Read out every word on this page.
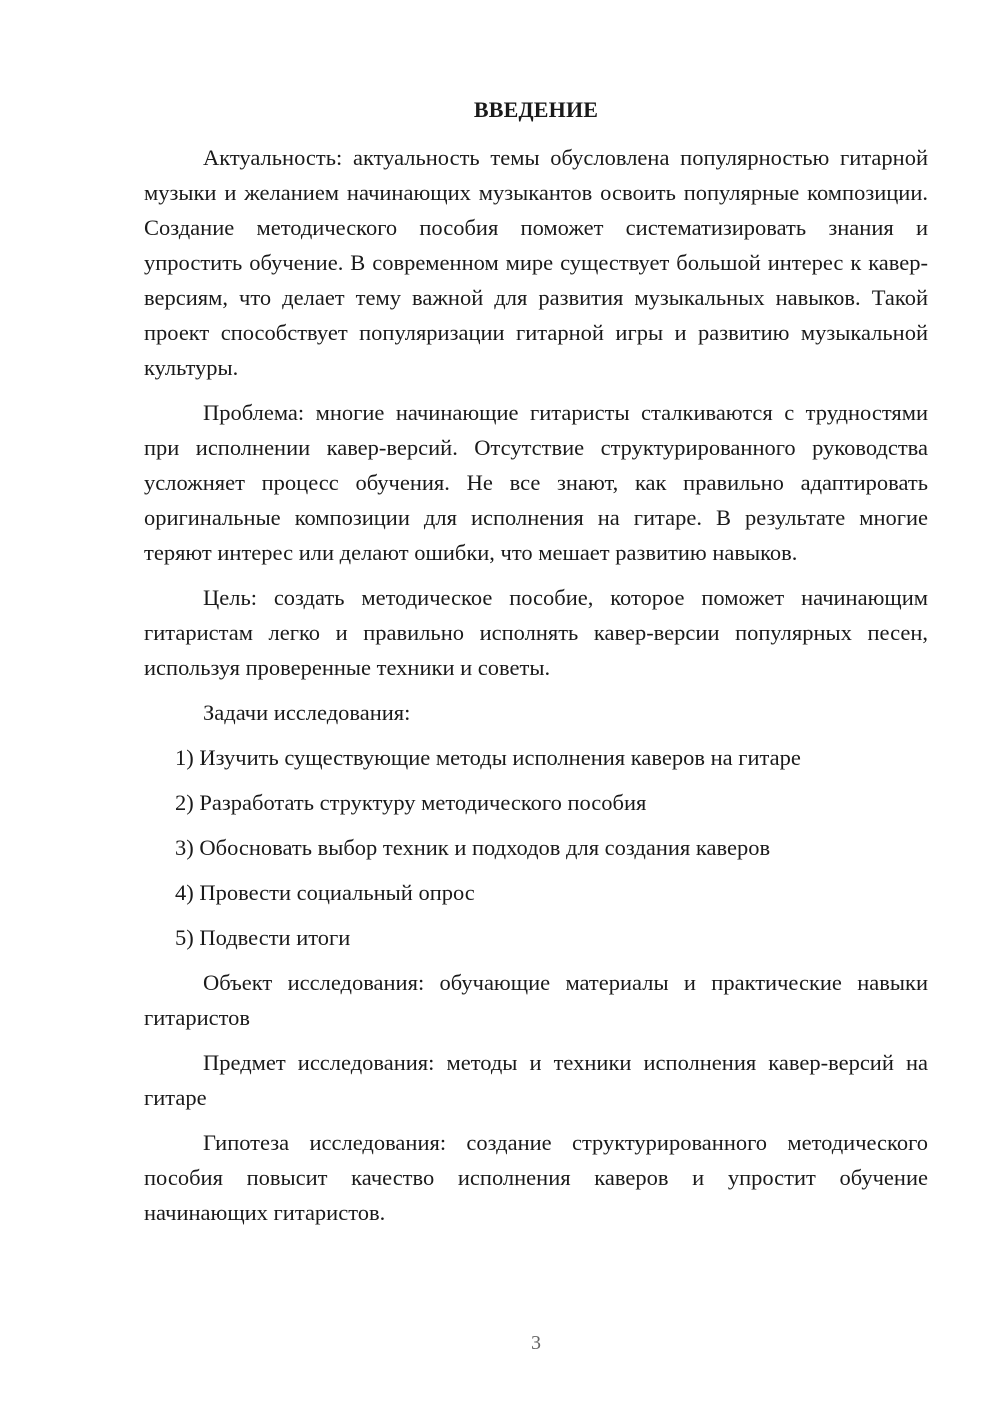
ВВЕДЕНИЕ

Актуальность: актуальность темы обусловлена популярностью гитарной музыки и желанием начинающих музыкантов освоить популярные композиции. Создание методического пособия поможет систематизировать знания и упростить обучение. В современном мире существует большой интерес к кавер-версиям, что делает тему важной для развития музыкальных навыков. Такой проект способствует популяризации гитарной игры и развитию музыкальной культуры.

Проблема: многие начинающие гитаристы сталкиваются с трудностями при исполнении кавер-версий. Отсутствие структурированного руководства усложняет процесс обучения. Не все знают, как правильно адаптировать оригинальные композиции для исполнения на гитаре. В результате многие теряют интерес или делают ошибки, что мешает развитию навыков.

Цель: создать методическое пособие, которое поможет начинающим гитаристам легко и правильно исполнять кавер-версии популярных песен, используя проверенные техники и советы.

Задачи исследования:
1) Изучить существующие методы исполнения каверов на гитаре
2) Разработать структуру методического пособия
3) Обосновать выбор техник и подходов для создания каверов
4) Провести социальный опрос
5) Подвести итоги

Объект исследования: обучающие материалы и практические навыки гитаристов

Предмет исследования: методы и техники исполнения кавер-версий на гитаре

Гипотеза исследования: создание структурированного методического пособия повысит качество исполнения каверов и упростит обучение начинающих гитаристов.

3
